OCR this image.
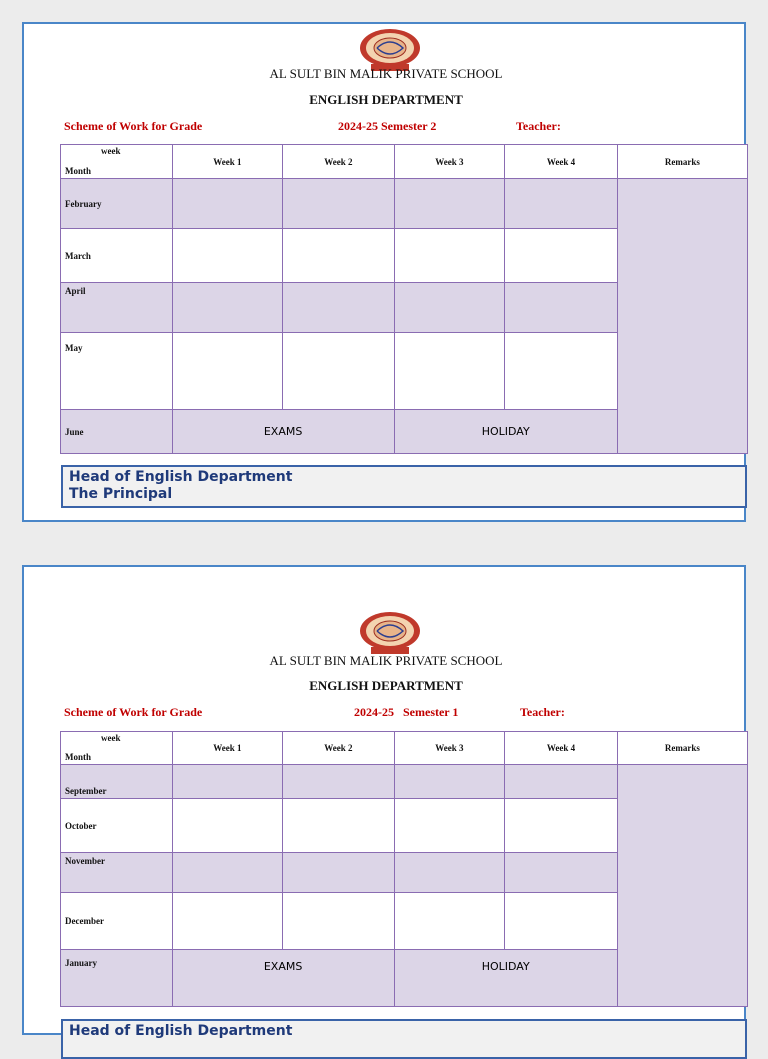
AL SULT BIN MALIK PRIVATE SCHOOL
ENGLISH DEPARTMENT
Scheme of Work for Grade	2024-25 Semester 2	Teacher:
week
Month	Week 1	Week 2	Week 3	Week 4	Remarks
February					
March					
April					
May					
June	EXAMS		HOLIDAY		
Head of English Department
The Principal
AL SULT BIN MALIK PRIVATE SCHOOL
ENGLISH DEPARTMENT
Scheme of Work for Grade	2024-25   Semester 1	Teacher:
week
Month	Week 1	Week 2	Week 3	Week 4	Remarks
September					
October					
November					
December					
January	EXAMS		HOLIDAY		
Head of English Department
